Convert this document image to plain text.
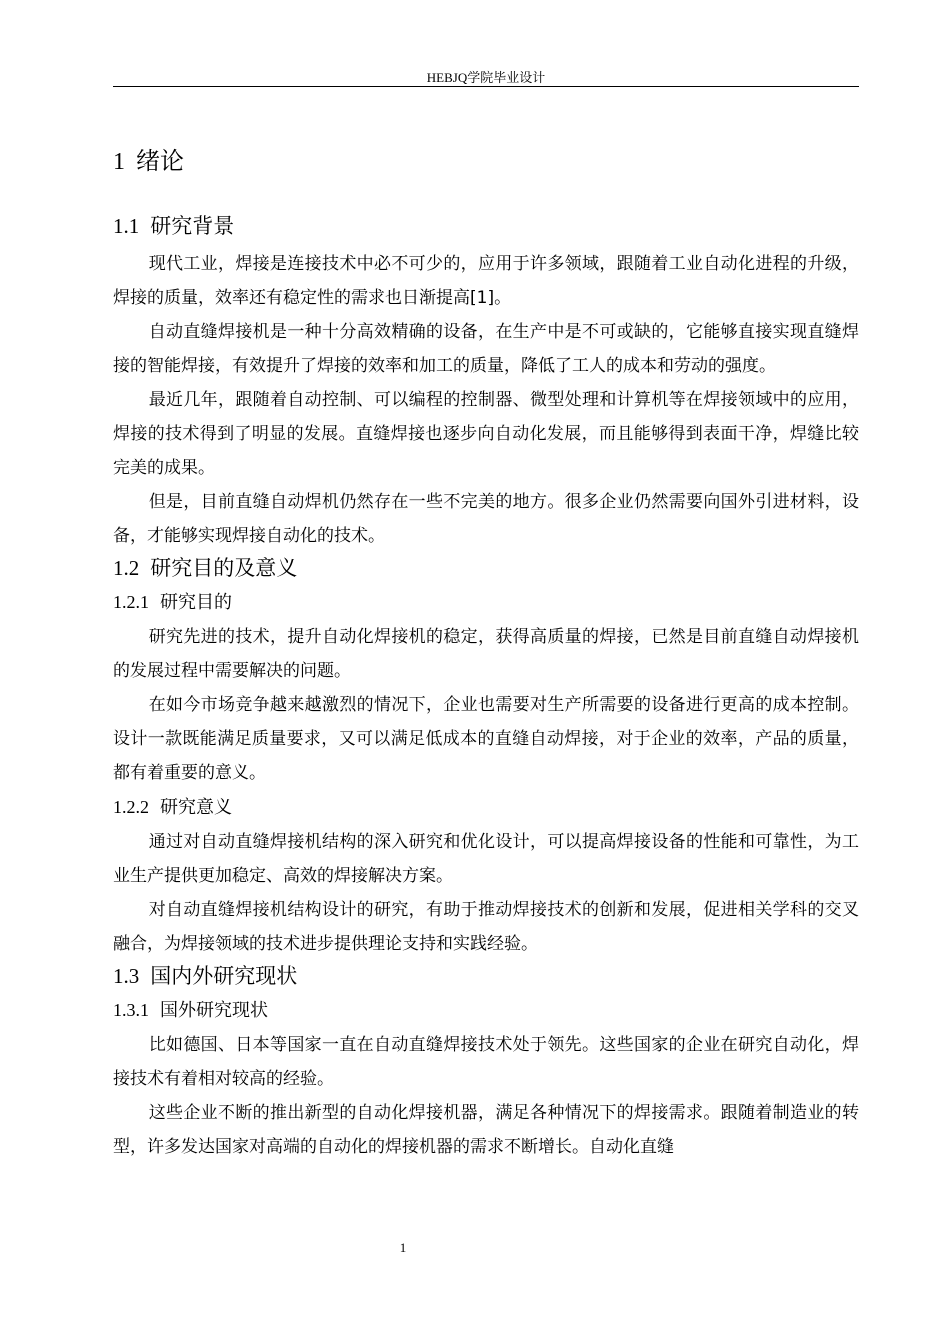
HEBJQ学院毕业设计
1 绪论
1.1 研究背景

现代工业，焊接是连接技术中必不可少的，应用于许多领域，跟随着工业自动化进程的升级，焊接的质量，效率还有稳定性的需求也日渐提高[1]。

自动直缝焊接机是一种十分高效精确的设备，在生产中是不可或缺的，它能够直接实现直缝焊接的智能焊接，有效提升了焊接的效率和加工的质量，降低了工人的成本和劳动的强度。

最近几年，跟随着自动控制、可以编程的控制器、微型处理和计算机等在焊接领域中的应用，焊接的技术得到了明显的发展。直缝焊接也逐步向自动化发展，而且能够得到表面干净，焊缝比较完美的成果。

但是，目前直缝自动焊机仍然存在一些不完美的地方。很多企业仍然需要向国外引进材料，设备，才能够实现焊接自动化的技术。

1.2 研究目的及意义
1.2.1 研究目的

研究先进的技术，提升自动化焊接机的稳定，获得高质量的焊接，已然是目前直缝自动焊接机的发展过程中需要解决的问题。

在如今市场竞争越来越激烈的情况下，企业也需要对生产所需要的设备进行更高的成本控制。设计一款既能满足质量要求，又可以满足低成本的直缝自动焊接，对于企业的效率，产品的质量，都有着重要的意义。

1.2.2 研究意义

通过对自动直缝焊接机结构的深入研究和优化设计，可以提高焊接设备的性能和可靠性，为工业生产提供更加稳定、高效的焊接解决方案。

对自动直缝焊接机结构设计的研究，有助于推动焊接技术的创新和发展，促进相关学科的交叉融合，为焊接领域的技术进步提供理论支持和实践经验。

1.3 国内外研究现状
1.3.1 国外研究现状

比如德国、日本等国家一直在自动直缝焊接技术处于领先。这些国家的企业在研究自动化，焊接技术有着相对较高的经验。

这些企业不断的推出新型的自动化焊接机器，满足各种情况下的焊接需求。跟随着制造业的转型，许多发达国家对高端的自动化的焊接机器的需求不断增长。自动化直缝

1
